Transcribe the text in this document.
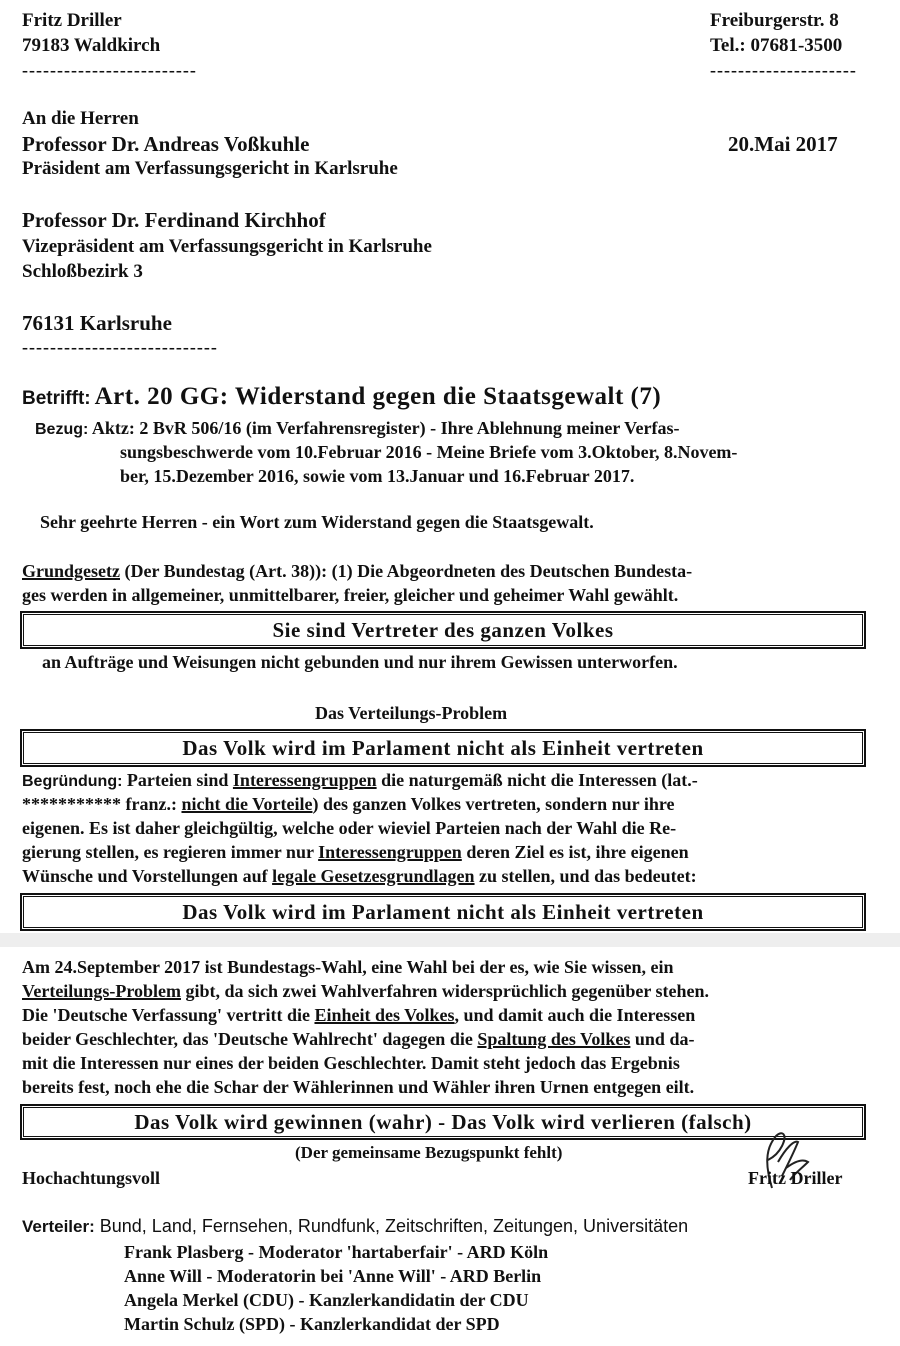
Fritz Driller
79183 Waldkirch
-------------------------
Freiburgerstr. 8
Tel.: 07681-3500
---------------------
An die Herren
Professor Dr. Andreas Voßkuhle	20.Mai 2017
Präsident am Verfassungsgericht in Karlsruhe
Professor Dr. Ferdinand Kirchhof
Vizepräsident am Verfassungsgericht in Karlsruhe
Schloßbezirk 3
76131 Karlsruhe
----------------------------
Betrifft: Art. 20 GG: Widerstand gegen die Staatsgewalt (7)
Bezug: Aktz: 2 BvR 506/16 (im Verfahrensregister) - Ihre Ablehnung meiner Verfas-
sungsbeschwerde vom 10.Februar 2016 - Meine Briefe vom 3.Oktober, 8.Novem-
ber, 15.Dezember 2016, sowie vom 13.Januar und 16.Februar 2017.
Sehr geehrte Herren - ein Wort zum Widerstand gegen die Staatsgewalt.
Grundgesetz (Der Bundestag (Art. 38)): (1) Die Abgeordneten des Deutschen Bundesta-
ges werden in allgemeiner, unmittelbarer, freier, gleicher und geheimer Wahl gewählt.
Sie sind Vertreter des ganzen Volkes
an Aufträge und Weisungen nicht gebunden und nur ihrem Gewissen unterworfen.
Das Verteilungs-Problem
Das Volk wird im Parlament nicht als Einheit vertreten
Begründung: Parteien sind Interessengruppen die naturgemäß nicht die Interessen (lat.-
*********** franz.: nicht die Vorteile) des ganzen Volkes vertreten, sondern nur ihre
eigenen. Es ist daher gleichgültig, welche oder wieviel Parteien nach der Wahl die Re-
gierung stellen, es regieren immer nur Interessengruppen deren Ziel es ist, ihre eigenen
Wünsche und Vorstellungen auf legale Gesetzesgrundlagen zu stellen, und das bedeutet:
Das Volk wird im Parlament nicht als Einheit vertreten
Am 24.September 2017 ist Bundestags-Wahl, eine Wahl bei der es, wie Sie wissen, ein
Verteilungs-Problem gibt, da sich zwei Wahlverfahren widersprüchlich gegenüber stehen.
Die 'Deutsche Verfassung' vertritt die Einheit des Volkes, und damit auch die Interessen
beider Geschlechter, das 'Deutsche Wahlrecht' dagegen die Spaltung des Volkes und da-
mit die Interessen nur eines der beiden Geschlechter. Damit steht jedoch das Ergebnis
bereits fest, noch ehe die Schar der Wählerinnen und Wähler ihren Urnen entgegen eilt.
Das Volk wird gewinnen (wahr) - Das Volk wird verlieren (falsch)
(Der gemeinsame Bezugspunkt fehlt)
Hochachtungsvoll	Fritz Driller
Verteiler: Bund, Land, Fernsehen, Rundfunk, Zeitschriften, Zeitungen, Universitäten
Frank Plasberg - Moderator 'hartaberfair' - ARD Köln
Anne Will - Moderatorin bei 'Anne Will' - ARD Berlin
Angela Merkel (CDU) - Kanzlerkandidatin der CDU
Martin Schulz (SPD) - Kanzlerkandidat der SPD
